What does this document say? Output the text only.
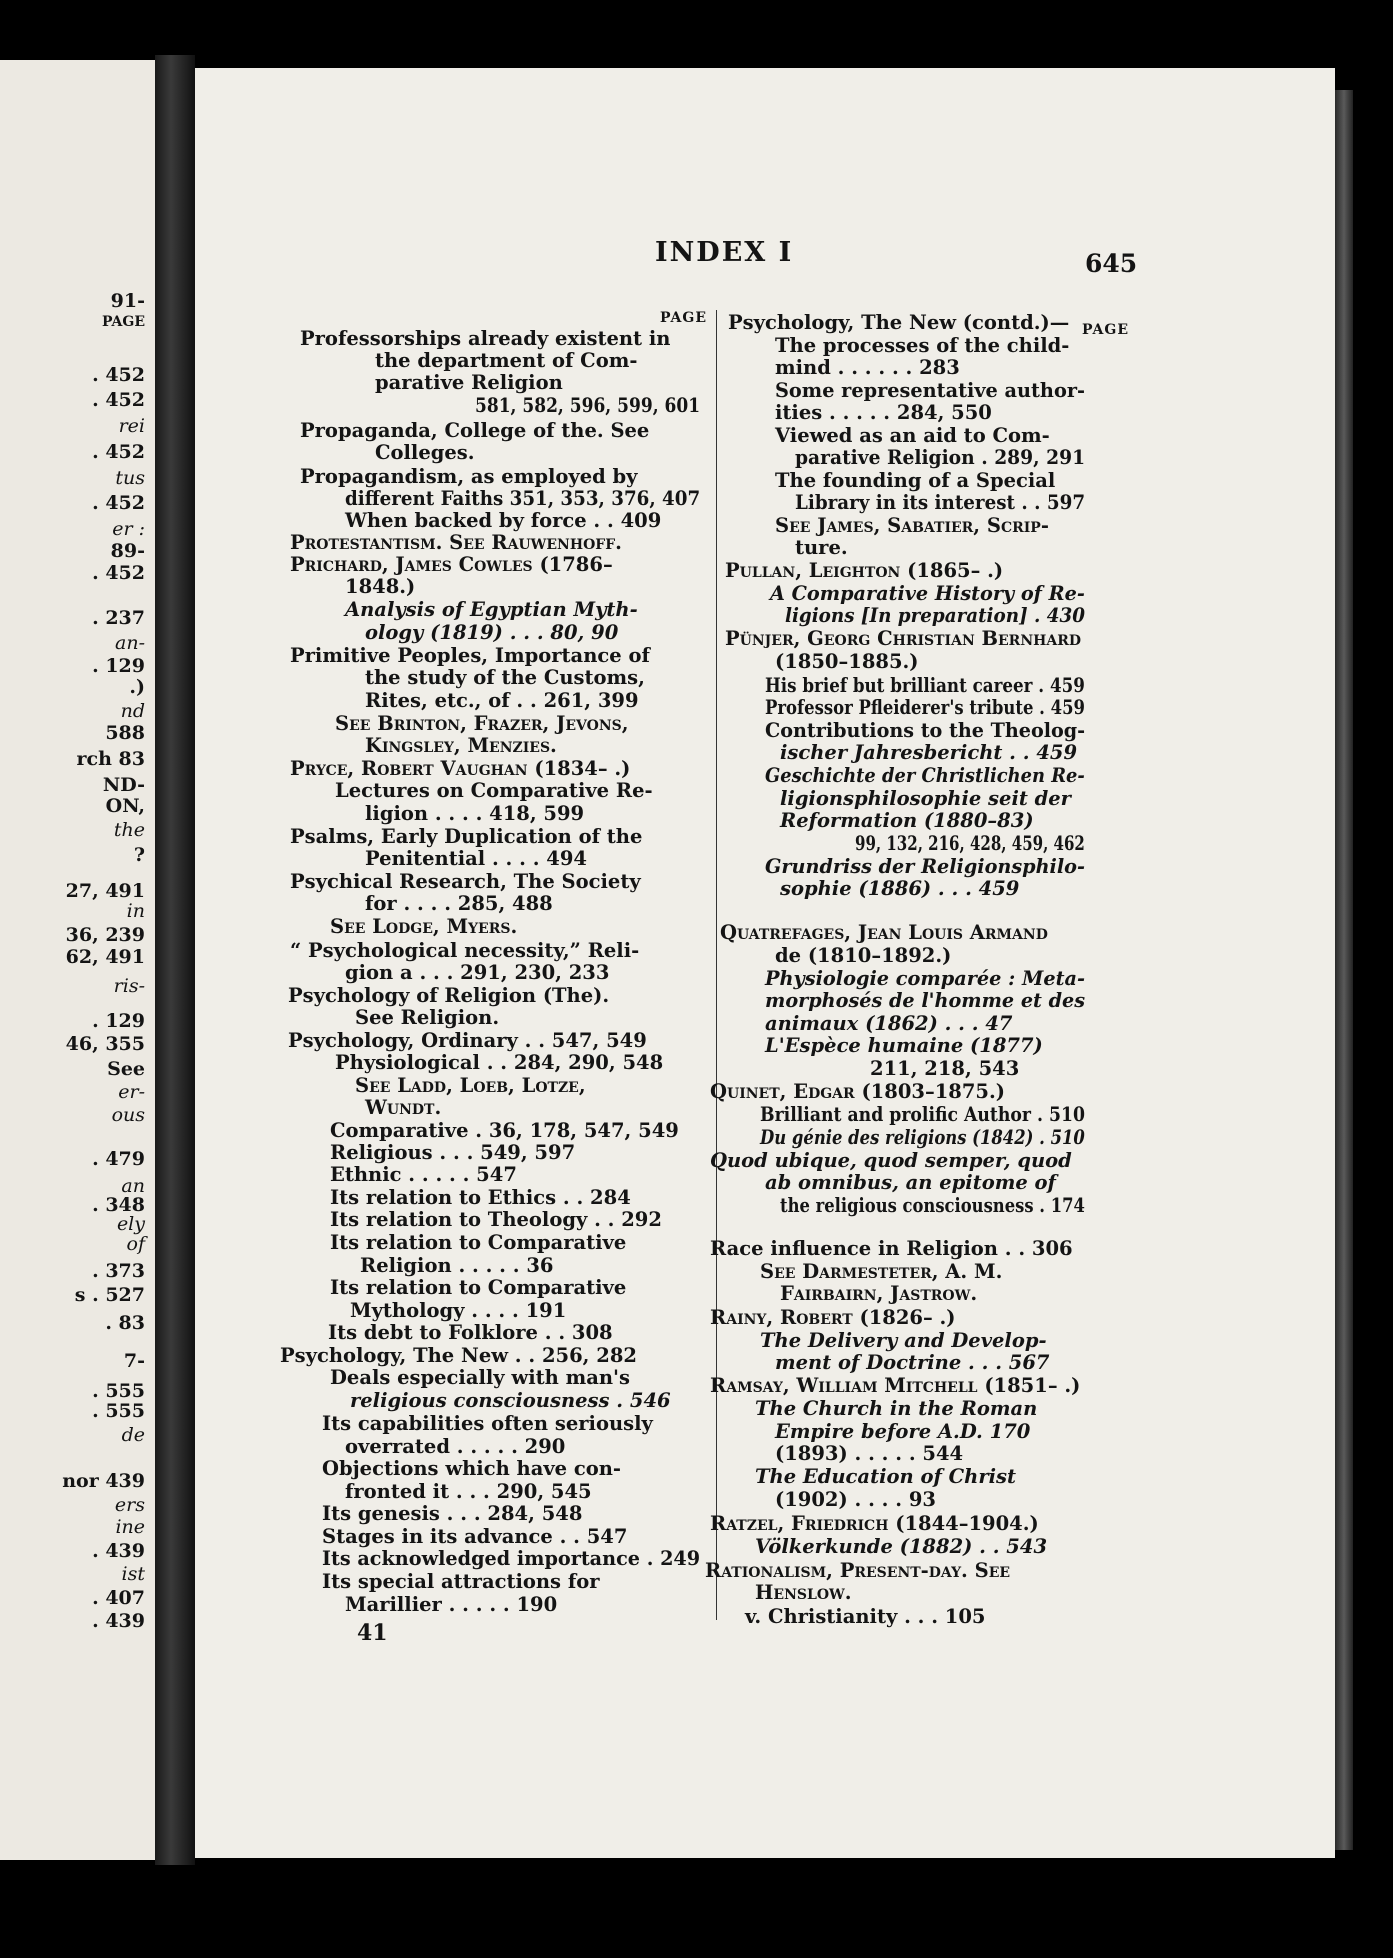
PAGE
91-
. 452
. 452
rei
. 452
tus
. 452
er :
89-
. 452
. 237
an-
. 129
.)
nd
588
rch 83
ND-
ON,
the
?
27, 491
in
36, 239
62, 491
ris-
. 129
46, 355
See
er-
ous
. 479
an
. 348
ely
of
. 373
s . 527
. 83
7-
. 555
. 555
de
nor 439
ers
ine
. 439
ist
. 407
. 439
INDEX I	645
PAGE
PAGE
Professorships already existent in
the department of Com-
parative Religion
581, 582, 596, 599, 601
Propaganda, College of the. See
Colleges.
Propagandism, as employed by
different Faiths 351, 353, 376, 407
When backed by force . . 409
Protestantism. See Rauwenhoff.
Prichard, James Cowles (1786–
1848.)
Analysis of Egyptian Myth-
ology (1819) . . . 80, 90
Primitive Peoples, Importance of
the study of the Customs,
Rites, etc., of . . 261, 399
See Brinton, Frazer, Jevons,
Kingsley, Menzies.
Pryce, Robert Vaughan (1834– .)
Lectures on Comparative Re-
ligion . . . . 418, 599
Psalms, Early Duplication of the
Penitential . . . . 494
Psychical Research, The Society
for . . . . 285, 488
See Lodge, Myers.
“ Psychological necessity,” Reli-
gion a . . . 291, 230, 233
Psychology of Religion (The).
See Religion.
Psychology, Ordinary . . 547, 549
Physiological . . 284, 290, 548
See Ladd, Loeb, Lotze,
Wundt.
Comparative . 36, 178, 547, 549
Religious . . . 549, 597
Ethnic . . . . . 547
Its relation to Ethics . . 284
Its relation to Theology . . 292
Its relation to Comparative
Religion . . . . . 36
Its relation to Comparative
Mythology . . . . 191
Its debt to Folklore . . 308
Psychology, The New . . 256, 282
Deals especially with man's
religious consciousness . 546
Its capabilities often seriously
overrated . . . . . 290
Objections which have con-
fronted it . . . 290, 545
Its genesis . . . 284, 548
Stages in its advance . . 547
Its acknowledged importance . 249
Its special attractions for
Marillier . . . . . 190
Psychology, The New (contd.)—
The processes of the child-
mind . . . . . . 283
Some representative author-
ities . . . . . 284, 550
Viewed as an aid to Com-
parative Religion . 289, 291
The founding of a Special
Library in its interest . . 597
See James, Sabatier, Scrip-
ture.
Pullan, Leighton (1865– .)
A Comparative History of Re-
ligions [In preparation] . 430
Pünjer, Georg Christian Bernhard
(1850–1885.)
His brief but brilliant career . 459
Professor Pfleiderer's tribute . 459
Contributions to the Theolog-
ischer Jahresbericht . . 459
Geschichte der Christlichen Re-
ligionsphilosophie seit der
Reformation (1880–83)
99, 132, 216, 428, 459, 462
Grundriss der Religionsphilo-
sophie (1886) . . . 459
Quatrefages, Jean Louis Armand
de (1810–1892.)
Physiologie comparée : Meta-
morphosés de l'homme et des
animaux (1862) . . . 47
L'Espèce humaine (1877)
211, 218, 543
Quinet, Edgar (1803–1875.)
Brilliant and prolific Author . 510
Du génie des religions (1842) . 510
Quod ubique, quod semper, quod
ab omnibus, an epitome of
the religious consciousness . 174
Race influence in Religion . . 306
See Darmesteter, A. M.
Fairbairn, Jastrow.
Rainy, Robert (1826– .)
The Delivery and Develop-
ment of Doctrine . . . 567
Ramsay, William Mitchell (1851– .)
The Church in the Roman
Empire before A.D. 170
(1893) . . . . . 544
The Education of Christ
(1902) . . . . 93
Ratzel, Friedrich (1844–1904.)
Völkerkunde (1882) . . 543
Rationalism, Present-day. See
Henslow.
v. Christianity . . . 105
41
